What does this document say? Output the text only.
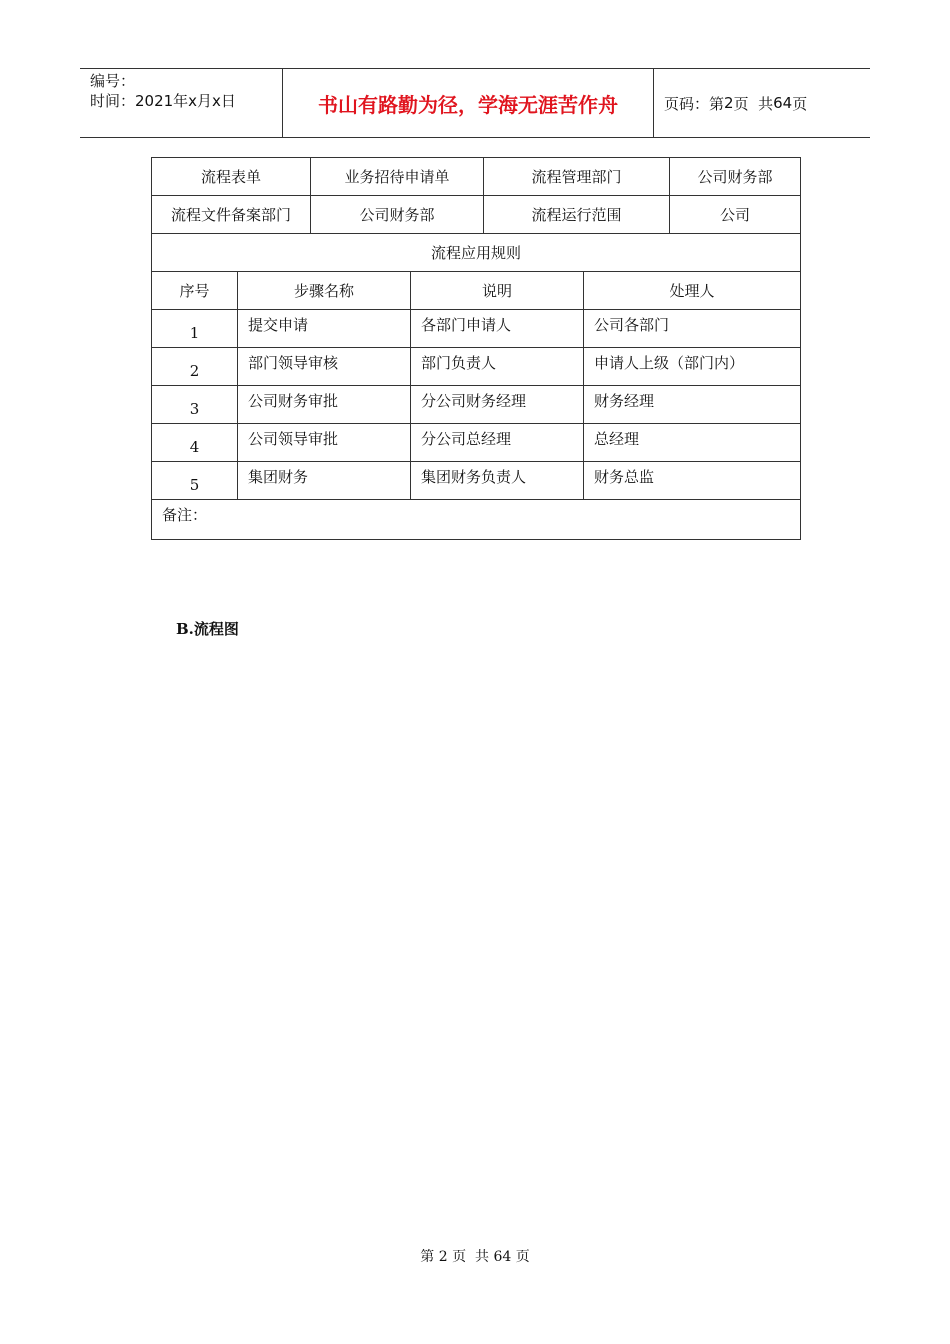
编号：
时间：2021年x月x日	书山有路勤为径，学海无涯苦作舟	页码：第 2 页  共 64 页
流程表单		业务招待申请单		流程管理部门		公司财务部
流程文件备案部门		公司财务部		流程运行范围		公司
流程应用规则						
序号	步骤名称		说明		处理人	
1	提交申请		各部门申请人		公司各部门	
2	部门领导审核		部门负责人		申请人上级（部门内）	
3	公司财务审批		分公司财务经理		财务经理	
4	公司领导审批		分公司总经理		总经理	
5	集团财务		集团财务负责人		财务总监	
备注：						
B.流程图
第 2 页  共 64 页
